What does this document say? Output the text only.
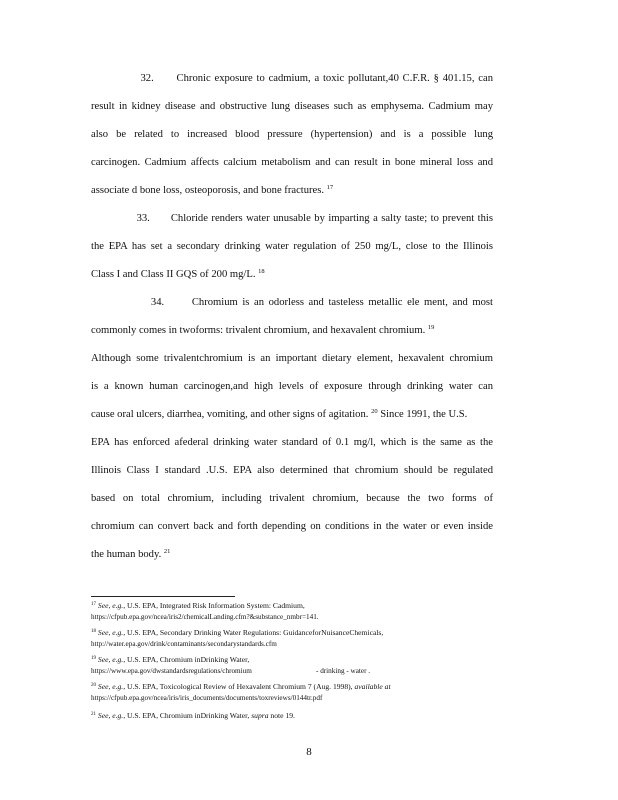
32.      Chronic exposure to cadmium, a toxic pollutant,40 C.F.R. § 401.15, can
result in kidney disease and obstructive lung diseases such as emphysema. Cadmium may
also be related to increased blood pressure (hypertension) and is a possible lung
carcinogen. Cadmium affects calcium metabolism and can result in bone mineral loss and
associate d bone loss, osteoporosis, and bone fractures. $^{17}$
33.      Chloride renders water unusable by imparting a salty taste; to prevent this
the EPA has set a secondary drinking water regulation of 250 mg/L, close to the Illinois
Class I and Class II GQS of 200 mg/L. $^{18}$
34.      Chromium is an odorless and tasteless metallic ele ment, and most
commonly comes in twoforms: trivalent chromium, and hexavalent chromium. $^{19}$
Although some trivalentchromium is an important dietary element, hexavalent chromium
is a known human carcinogen,and high levels of exposure through drinking water can
cause oral ulcers, diarrhea, vomiting, and other signs of agitation. $^{20}$ Since 1991, the U.S.
EPA has enforced afederal drinking water standard of 0.1 mg/l, which is the same as the
Illinois Class I standard .U.S. EPA also determined that chromium should be regulated
based on total chromium, including trivalent chromium, because the two forms of
chromium can convert back and forth depending on conditions in the water or even inside
the human body. $^{21}$
$^{17}$ See, e.g., U.S. EPA, Integrated Risk Information System: Cadmium,
https://cfpub.epa.gov/ncea/iris2/chemicalLanding.cfm?&substance_nmbr=141.
$^{18}$ See, e.g., U.S. EPA, Secondary Drinking Water Regulations: GuidanceforNuisanceChemicals,
http://water.epa.gov/drink/contaminants/secondarystandards.cfm
$^{19}$ See, e.g., U.S. EPA, Chromium inDrinking Water,
https://www.epa.gov/dwstandardsregulations/chromium	- drinking - water .
$^{20}$ See, e.g., U.S. EPA, Toxicological Review of Hexavalent Chromium 7 (Aug. 1998), available at
https://cfpub.epa.gov/ncea/iris/iris_documents/documents/toxreviews/0144tr.pdf
$^{21}$ See, e.g., U.S. EPA, Chromium inDrinking Water, supra note 19.
8
